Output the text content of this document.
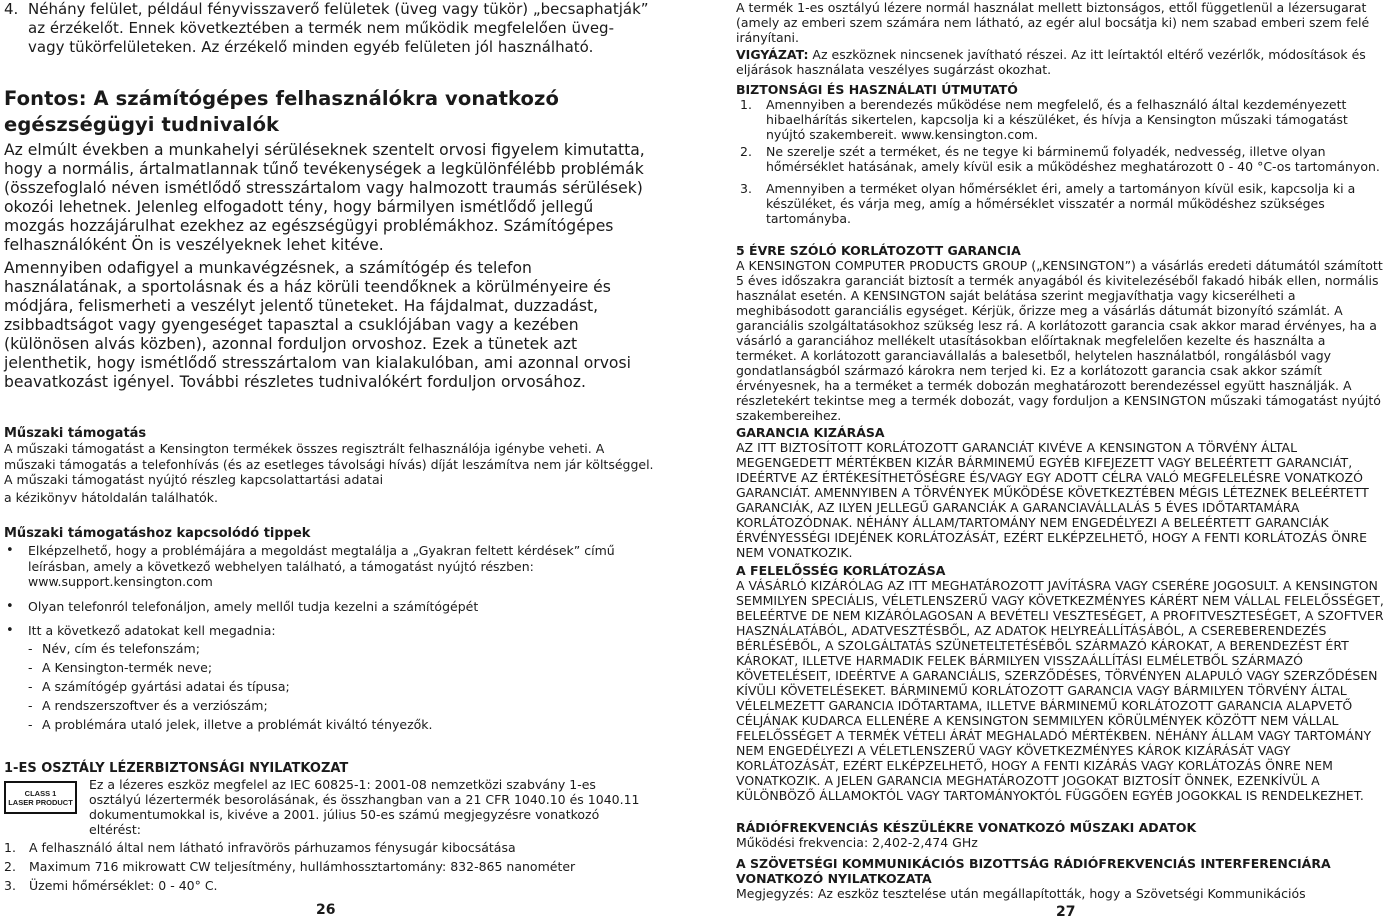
4. Néhány felület, például fényvisszaverő felületek (üveg vagy tükör) „becsaphatják” az érzékelőt. Ennek következtében a termék nem működik megfelelően üveg- vagy tükörfelületeken. Az érzékelő minden egyéb felületen jól használható.
Fontos: A számítógépes felhasználókra vonatkozó
egészségügyi tudnivalók
Az elmúlt években a munkahelyi sérüléseknek szentelt orvosi figyelem kimutatta, hogy a normális, ártalmatlannak tűnő tevékenységek a legkülönfélébb problémák (összefoglaló néven ismétlődő stresszártalom vagy halmozott traumás sérülések) okozói lehetnek. Jelenleg elfogadott tény, hogy bármilyen ismétlődő jellegű mozgás hozzájárulhat ezekhez az egészségügyi problémákhoz. Számítógépes felhasználóként Ön is veszélyeknek lehet kitéve.
Amennyiben odafigyel a munkavégzésnek, a számítógép és telefon használatának, a sportolásnak és a ház körüli teendőknek a körülményeire és módjára, felismerheti a veszélyt jelentő tüneteket. Ha fájdalmat, duzzadást, zsibbadtságot vagy gyengeséget tapasztal a csuklójában vagy a kezében (különösen alvás közben), azonnal forduljon orvoshoz. Ezek a tünetek azt jelenthetik, hogy ismétlődő stresszártalom van kialakulóban, ami azonnal orvosi beavatkozást igényel. További részletes tudnivalókért forduljon orvosához.
Műszaki támogatás
A műszaki támogatást a Kensington termékek összes regisztrált felhasználója igénybe veheti. A műszaki támogatás a telefonhívás (és az esetleges távolsági hívás) díját leszámítva nem jár költséggel. A műszaki támogatást nyújtó részleg kapcsolattartási adatai
a kézikönyv hátoldalán találhatók.
Műszaki támogatáshoz kapcsolódó tippek
• Elképzelhető, hogy a problémájára a megoldást megtalálja a „Gyakran feltett kérdések” című leírásban, amely a következő webhelyen található, a támogatást nyújtó részben: www.support.kensington.com
• Olyan telefonról telefonáljon, amely mellől tudja kezelni a számítógépét
• Itt a következő adatokat kell megadnia:
- Név, cím és telefonszám;
- A Kensington-termék neve;
- A számítógép gyártási adatai és típusa;
- A rendszerszoftver és a verziószám;
- A problémára utaló jelek, illetve a problémát kiváltó tényezők.
1-ES OSZTÁLY LÉZERBIZTONSÁGI NYILATKOZAT
CLASS 1
LASER PRODUCT
Ez a lézeres eszköz megfelel az IEC 60825-1: 2001-08 nemzetközi szabvány 1-es osztályú lézertermék besorolásának, és összhangban van a 21 CFR 1040.10 és 1040.11 dokumentumokkal is, kivéve a 2001. július 50-es számú megjegyzésre vonatkozó eltérést:
1. A felhasználó által nem látható infravörös párhuzamos fénysugár kibocsátása
2. Maximum 716 mikrowatt CW teljesítmény, hullámhossztartomány: 832-865 nanométer
3. Üzemi hőmérséklet: 0 - 40° C.
26
A termék 1-es osztályú lézere normál használat mellett biztonságos, ettől függetlenül a lézersugarat (amely az emberi szem számára nem látható, az egér alul bocsátja ki) nem szabad emberi szem felé irányítani.
VIGYÁZAT: Az eszköznek nincsenek javítható részei. Az itt leírtaktól eltérő vezérlők, módosítások és eljárások használata veszélyes sugárzást okozhat.
BIZTONSÁGI ÉS HASZNÁLATI ÚTMUTATÓ
1. Amennyiben a berendezés működése nem megfelelő, és a felhasználó által kezdeményezett hibaelhárítás sikertelen, kapcsolja ki a készüléket, és hívja a Kensington műszaki támogatást nyújtó szakembereit. www.kensington.com.
2. Ne szerelje szét a terméket, és ne tegye ki bárminemű folyadék, nedvesség, illetve olyan hőmérséklet hatásának, amely kívül esik a működéshez meghatározott 0 - 40 °C-os tartományon.
3. Amennyiben a terméket olyan hőmérséklet éri, amely a tartományon kívül esik, kapcsolja ki a készüléket, és várja meg, amíg a hőmérséklet visszatér a normál működéshez szükséges tartományba.
5 ÉVRE SZÓLÓ KORLÁTOZOTT GARANCIA
A KENSINGTON COMPUTER PRODUCTS GROUP („KENSINGTON”) a vásárlás eredeti dátumától számított 5 éves időszakra garanciát biztosít a termék anyagából és kivitelezéséből fakadó hibák ellen, normális használat esetén. A KENSINGTON saját belátása szerint megjavíthatja vagy kicserélheti a meghibásodott garanciális egységet. Kérjük, őrizze meg a vásárlás dátumát bizonyító számlát. A garanciális szolgáltatásokhoz szükség lesz rá. A korlátozott garancia csak akkor marad érvényes, ha a vásárló a garanciához mellékelt utasításokban előírtaknak megfelelően kezelte és használta a terméket. A korlátozott garanciavállalás a balesetből, helytelen használatból, rongálásból vagy gondatlanságból származó károkra nem terjed ki. Ez a korlátozott garancia csak akkor számít érvényesnek, ha a terméket a termék dobozán meghatározott berendezéssel együtt használják. A részletekért tekintse meg a termék dobozát, vagy forduljon a KENSINGTON műszaki támogatást nyújtó szakembereihez.
GARANCIA KIZÁRÁSA
AZ ITT BIZTOSÍTOTT KORLÁTOZOTT GARANCIÁT KIVÉVE A KENSINGTON A TÖRVÉNY ÁLTAL MEGENGEDETT MÉRTÉKBEN KIZÁR BÁRMINEMŰ EGYÉB KIFEJEZETT VAGY BELEÉRTETT GARANCIÁT, IDEÉRTVE AZ ÉRTÉKESÍTHETŐSÉGRE ÉS/VAGY EGY ADOTT CÉLRA VALÓ MEGFELELÉSRE VONATKOZÓ GARANCIÁT. AMENNYIBEN A TÖRVÉNYEK MŰKÖDÉSE KÖVETKEZTÉBEN MÉGIS LÉTEZNEK BELEÉRTETT GARANCIÁK, AZ ILYEN JELLEGŰ GARANCIÁK A GARANCIAVÁLLALÁS 5 ÉVES IDŐTARTAMÁRA KORLÁTOZÓDNAK. NÉHÁNY ÁLLAM/TARTOMÁNY NEM ENGEDÉLYEZI A BELEÉRTETT GARANCIÁK ÉRVÉNYESSÉGI IDEJÉNEK KORLÁTOZÁSÁT, EZÉRT ELKÉPZELHETŐ, HOGY A FENTI KORLÁTOZÁS ÖNRE NEM VONATKOZIK.
A FELELŐSSÉG KORLÁTOZÁSA
A VÁSÁRLÓ KIZÁRÓLAG AZ ITT MEGHATÁROZOTT JAVÍTÁSRA VAGY CSERÉRE JOGOSULT. A KENSINGTON SEMMILYEN SPECIÁLIS, VÉLETLENSZERŰ VAGY KÖVETKEZMÉNYES KÁRÉRT NEM VÁLLAL FELELŐSSÉGET, BELEÉRTVE DE NEM KIZÁRÓLAGOSAN A BEVÉTELI VESZTESÉGET, A PROFITVESZTESÉGET, A SZOFTVER HASZNÁLATÁBÓL, ADATVESZTÉSBŐL, AZ ADATOK HELYREÁLLÍTÁSÁBÓL, A CSEREBERENDEZÉS BÉRLÉSÉBŐL, A SZOLGÁLTATÁS SZÜNETELTETÉSÉBŐL SZÁRMAZÓ KÁROKAT, A BERENDEZÉST ÉRT KÁROKAT, ILLETVE HARMADIK FELEK BÁRMILYEN VISSZAÁLLÍTÁSI ELMÉLETBŐL SZÁRMAZÓ KÖVETELÉSEIT, IDEÉRTVE A GARANCIÁLIS, SZERZŐDÉSES, TÖRVÉNYEN ALAPULÓ VAGY SZERZŐDÉSEN KÍVÜLI KÖVETELÉSEKET. BÁRMINEMŰ KORLÁTOZOTT GARANCIA VAGY BÁRMILYEN TÖRVÉNY ÁLTAL VÉLELMEZETT GARANCIA IDŐTARTAMA, ILLETVE BÁRMINEMŰ KORLÁTOZOTT GARANCIA ALAPVETŐ CÉLJÁNAK KUDARCA ELLENÉRE A KENSINGTON SEMMILYEN KÖRÜLMÉNYEK KÖZÖTT NEM VÁLLAL FELELŐSSÉGET A TERMÉK VÉTELI ÁRÁT MEGHALADÓ MÉRTÉKBEN. NÉHÁNY ÁLLAM VAGY TARTOMÁNY NEM ENGEDÉLYEZI A VÉLETLENSZERŰ VAGY KÖVETKEZMÉNYES KÁROK KIZÁRÁSÁT VAGY KORLÁTOZÁSÁT, EZÉRT ELKÉPZELHETŐ, HOGY A FENTI KIZÁRÁS VAGY KORLÁTOZÁS ÖNRE NEM VONATKOZIK. A JELEN GARANCIA MEGHATÁROZOTT JOGOKAT BIZTOSÍT ÖNNEK, EZENKÍVÜL A KÜLÖNBÖZŐ ÁLLAMOKTÓL VAGY TARTOMÁNYOKTÓL FÜGGŐEN EGYÉB JOGOKKAL IS RENDELKEZHET.
RÁDIÓFREKVENCIÁS KÉSZÜLÉKRE VONATKOZÓ MŰSZAKI ADATOK
Működési frekvencia: 2,402-2,474 GHz
A SZÖVETSÉGI KOMMUNIKÁCIÓS BIZOTTSÁG RÁDIÓFREKVENCIÁS INTERFERENCIÁRA VONATKOZÓ NYILATKOZATA
Megjegyzés: Az eszköz tesztelése után megállapították, hogy a Szövetségi Kommunikációs
27
